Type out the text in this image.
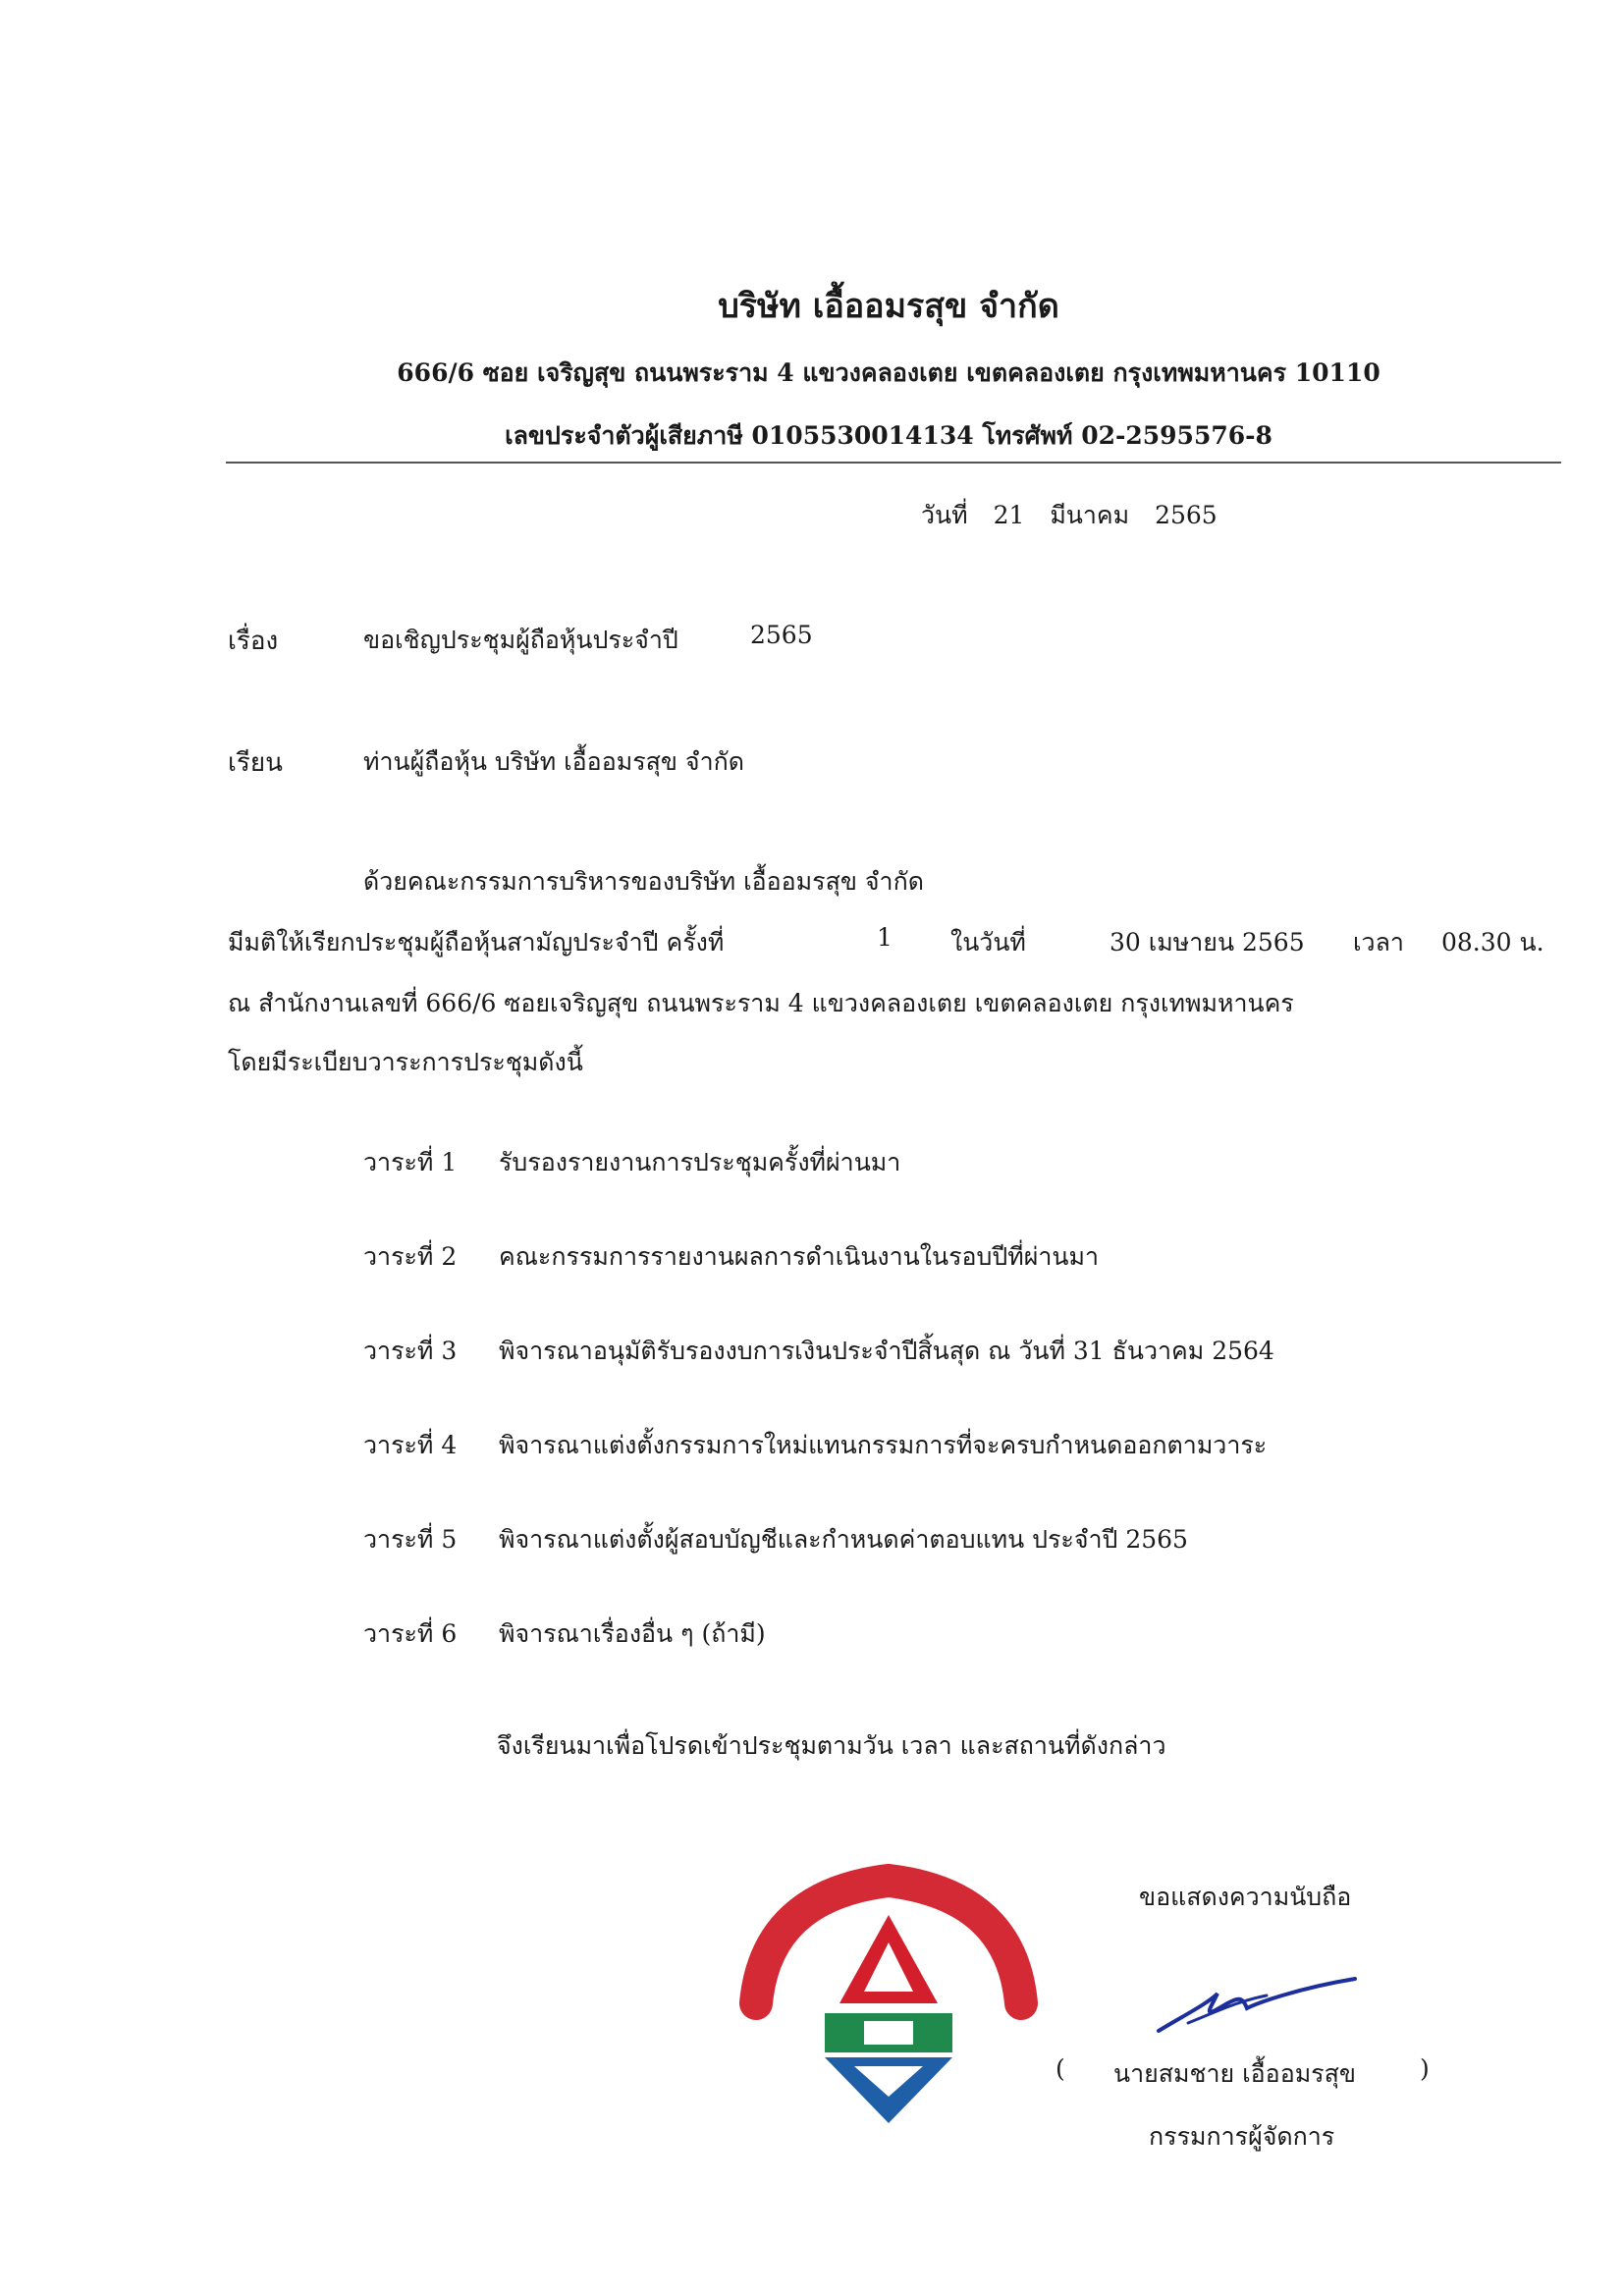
บริษัท เอื้ออมรสุข จำกัด
666/6 ซอย เจริญสุข ถนนพระราม 4 แขวงคลองเตย เขตคลองเตย กรุงเทพมหานคร 10110
เลขประจำตัวผู้เสียภาษี 0105530014134 โทรศัพท์ 02-2595576-8
วันที่ 21 มีนาคม 2565
เรื่อง	ขอเชิญประชุมผู้ถือหุ้นประจำปี	2565
เรียน	ท่านผู้ถือหุ้น บริษัท เอื้ออมรสุข จำกัด
ด้วยคณะกรรมการบริหารของบริษัท เอื้ออมรสุข จำกัด
มีมติให้เรียกประชุมผู้ถือหุ้นสามัญประจำปี ครั้งที่	1 ในวันที่	30 เมษายน 2565 เวลา 08.30 น.
ณ สำนักงานเลขที่ 666/6 ซอยเจริญสุข ถนนพระราม 4 แขวงคลองเตย เขตคลองเตย กรุงเทพมหานคร
โดยมีระเบียบวาระการประชุมดังนี้
วาระที่ 1 รับรองรายงานการประชุมครั้งที่ผ่านมา
วาระที่ 2 คณะกรรมการรายงานผลการดำเนินงานในรอบปีที่ผ่านมา
วาระที่ 3 พิจารณาอนุมัติรับรองงบการเงินประจำปีสิ้นสุด ณ วันที่ 31 ธันวาคม 2564
วาระที่ 4 พิจารณาแต่งตั้งกรรมการใหม่แทนกรรมการที่จะครบกำหนดออกตามวาระ
วาระที่ 5 พิจารณาแต่งตั้งผู้สอบบัญชีและกำหนดค่าตอบแทน ประจำปี 2565
วาระที่ 6 พิจารณาเรื่องอื่น ๆ (ถ้ามี)
จึงเรียนมาเพื่อโปรดเข้าประชุมตามวัน เวลา และสถานที่ดังกล่าว
ขอแสดงความนับถือ
( นายสมชาย เอื้ออมรสุข	)
กรรมการผู้จัดการ
